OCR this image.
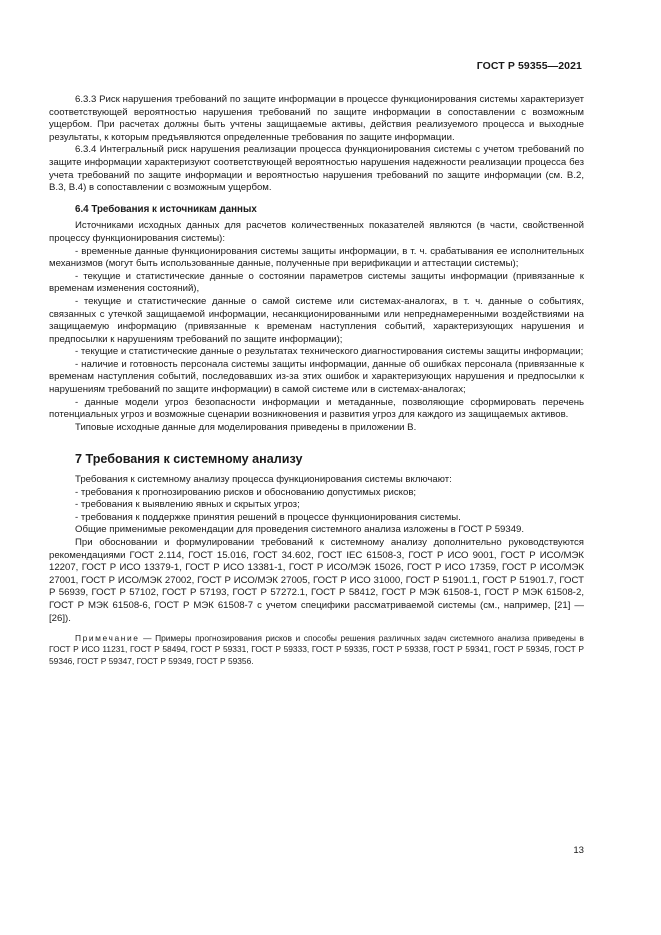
ГОСТ Р 59355—2021

6.3.3 Риск нарушения требований по защите информации в процессе функционирования системы характеризует соответствующей вероятностью нарушения требований по защите информации в сопоставлении с возможным ущербом. При расчетах должны быть учтены защищаемые активы, действия реализуемого процесса и выходные результаты, к которым предъявляются определенные требования по защите информации.

6.3.4 Интегральный риск нарушения реализации процесса функционирования системы с учетом требований по защите информации характеризуют соответствующей вероятностью нарушения надежности реализации процесса без учета требований по защите информации и вероятностью нарушения требований по защите информации (см. В.2, В.3, В.4) в сопоставлении с возможным ущербом.

6.4 Требования к источникам данных

Источниками исходных данных для расчетов количественных показателей являются (в части, свойственной процессу функционирования системы):

- временные данные функционирования системы защиты информации, в т. ч. срабатывания ее исполнительных механизмов (могут быть использованные данные, полученные при верификации и аттестации системы);

- текущие и статистические данные о состоянии параметров системы защиты информации (привязанные к временам изменения состояний),

- текущие и статистические данные о самой системе или системах-аналогах, в т. ч. данные о событиях, связанных с утечкой защищаемой информации, несанкционированными или непреднамеренными воздействиями на защищаемую информацию (привязанные к временам наступления событий, характеризующих нарушения и предпосылки к нарушениям требований по защите информации);

- текущие и статистические данные о результатах технического диагностирования системы защиты информации;

- наличие и готовность персонала системы защиты информации, данные об ошибках персонала (привязанные к временам наступления событий, последовавших из-за этих ошибок и характеризующих нарушения и предпосылки к нарушениям требований по защите информации) в самой системе или в системах-аналогах;

- данные модели угроз безопасности информации и метаданные, позволяющие сформировать перечень потенциальных угроз и возможные сценарии возникновения и развития угроз для каждого из защищаемых активов.

Типовые исходные данные для моделирования приведены в приложении В.

7 Требования к системному анализу

Требования к системному анализу процесса функционирования системы включают:

- требования к прогнозированию рисков и обоснованию допустимых рисков;

- требования к выявлению явных и скрытых угроз;

- требования к поддержке принятия решений в процессе функционирования системы.

Общие применимые рекомендации для проведения системного анализа изложены в ГОСТ Р 59349.

При обосновании и формулировании требований к системному анализу дополнительно руководствуются рекомендациями ГОСТ 2.114, ГОСТ 15.016, ГОСТ 34.602, ГОСТ IEC 61508-3, ГОСТ Р ИСО 9001, ГОСТ Р ИСО/МЭК 12207, ГОСТ Р ИСО 13379-1, ГОСТ Р ИСО 13381-1, ГОСТ Р ИСО/МЭК 15026, ГОСТ Р ИСО 17359, ГОСТ Р ИСО/МЭК 27001, ГОСТ Р ИСО/МЭК 27002, ГОСТ Р ИСО/МЭК 27005, ГОСТ Р ИСО 31000, ГОСТ Р 51901.1, ГОСТ Р 51901.7, ГОСТ Р 56939, ГОСТ Р 57102, ГОСТ Р 57193, ГОСТ Р 57272.1, ГОСТ Р 58412, ГОСТ Р МЭК 61508-1, ГОСТ Р МЭК 61508-2, ГОСТ Р МЭК 61508-6, ГОСТ Р МЭК 61508-7 с учетом специфики рассматриваемой системы (см., например, [21] — [26]).

Примечание — Примеры прогнозирования рисков и способы решения различных задач системного анализа приведены в ГОСТ Р ИСО 11231, ГОСТ Р 58494, ГОСТ Р 59331, ГОСТ Р 59333, ГОСТ Р 59335, ГОСТ Р 59338, ГОСТ Р 59341, ГОСТ Р 59345, ГОСТ Р 59346, ГОСТ Р 59347, ГОСТ Р 59349, ГОСТ Р 59356.

13
